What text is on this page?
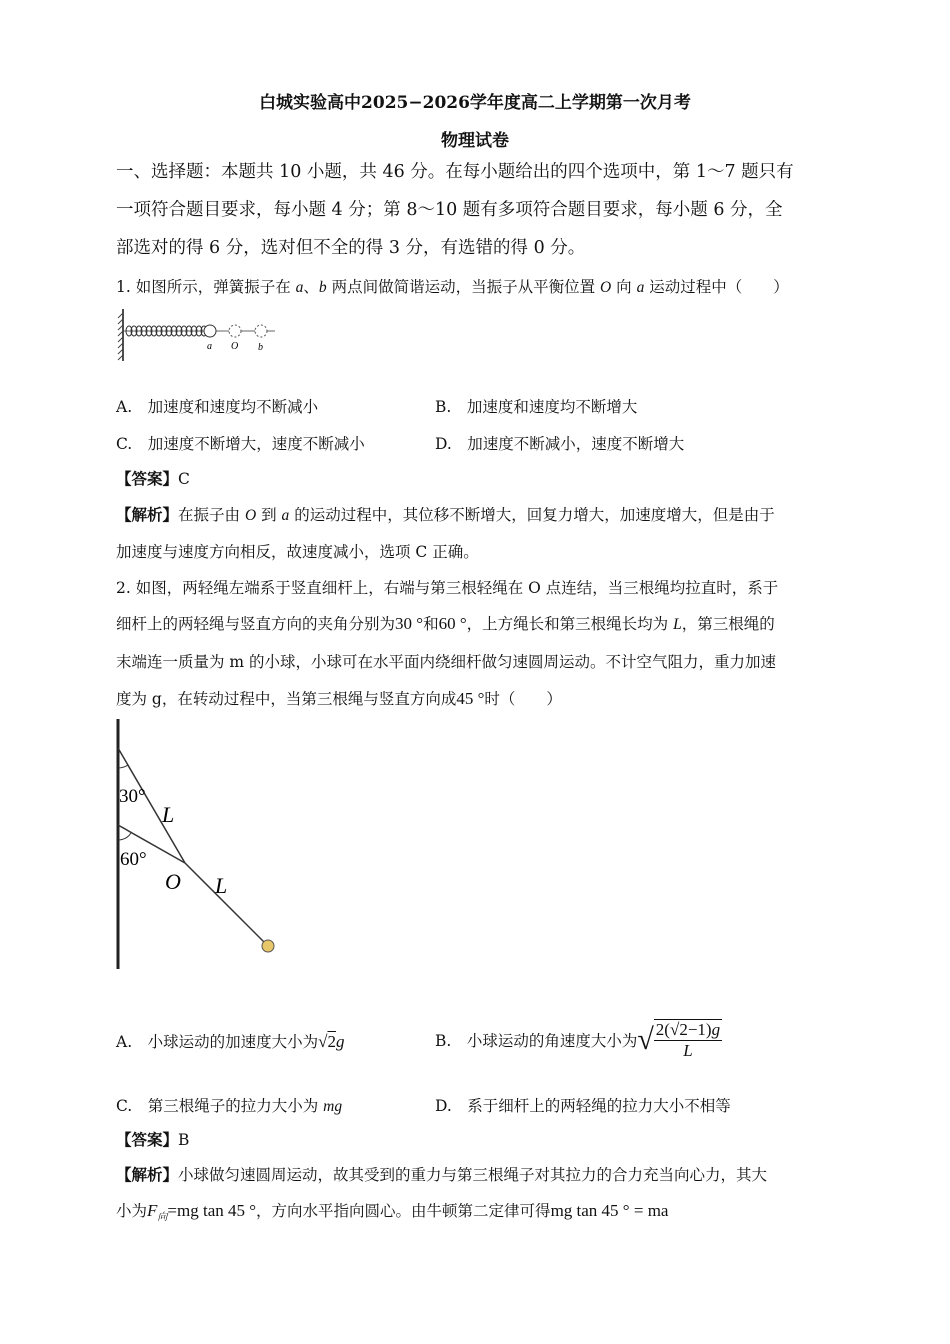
白城实验高中2025−2026学年度高二上学期第一次月考
物理试卷
一、选择题：本题共 10 小题，共 46 分。在每小题给出的四个选项中，第 1～7 题只有
一项符合题目要求，每小题 4 分；第 8～10 题有多项符合题目要求，每小题 6 分，全
部选对的得 6 分，选对但不全的得 3 分，有选错的得 0 分。
1. 如图所示，弹簧振子在 a、b 两点间做简谐运动，当振子从平衡位置 O 向 a 运动过程中（　　）
a O b
A.　加速度和速度均不断减小	B.　加速度和速度均不断增大
C.　加速度不断增大，速度不断减小	D.　加速度不断减小，速度不断增大
【答案】C
【解析】在振子由 O 到 a 的运动过程中，其位移不断增大，回复力增大，加速度增大，但是由于
加速度与速度方向相反，故速度减小，选项 C 正确。
2. 如图，两轻绳左端系于竖直细杆上，右端与第三根轻绳在 O 点连结，当三根绳均拉直时，系于
细杆上的两轻绳与竖直方向的夹角分别为30 °和60 °，上方绳长和第三根绳长均为 L，第三根绳的
末端连一质量为 m 的小球，小球可在水平面内绕细杆做匀速圆周运动。不计空气阻力，重力加速
度为 g，在转动过程中，当第三根绳与竖直方向成45 °时（　　）
30°
60°
L
L
O
A.　小球运动的加速度大小为√2g	B.　小球运动的角速度大小为 √ $\frac{2(√2-1)g}{L}$
C.　第三根绳子的拉力大小为 mg	D.　系于细杆上的两轻绳的拉力大小不相等
【答案】B
【解析】小球做匀速圆周运动，故其受到的重力与第三根绳子对其拉力的合力充当向心力，其大
小为$F_向=mg$ tan 45 °，方向水平指向圆心。由牛顿第二定律可得mg tan 45 ° = ma
